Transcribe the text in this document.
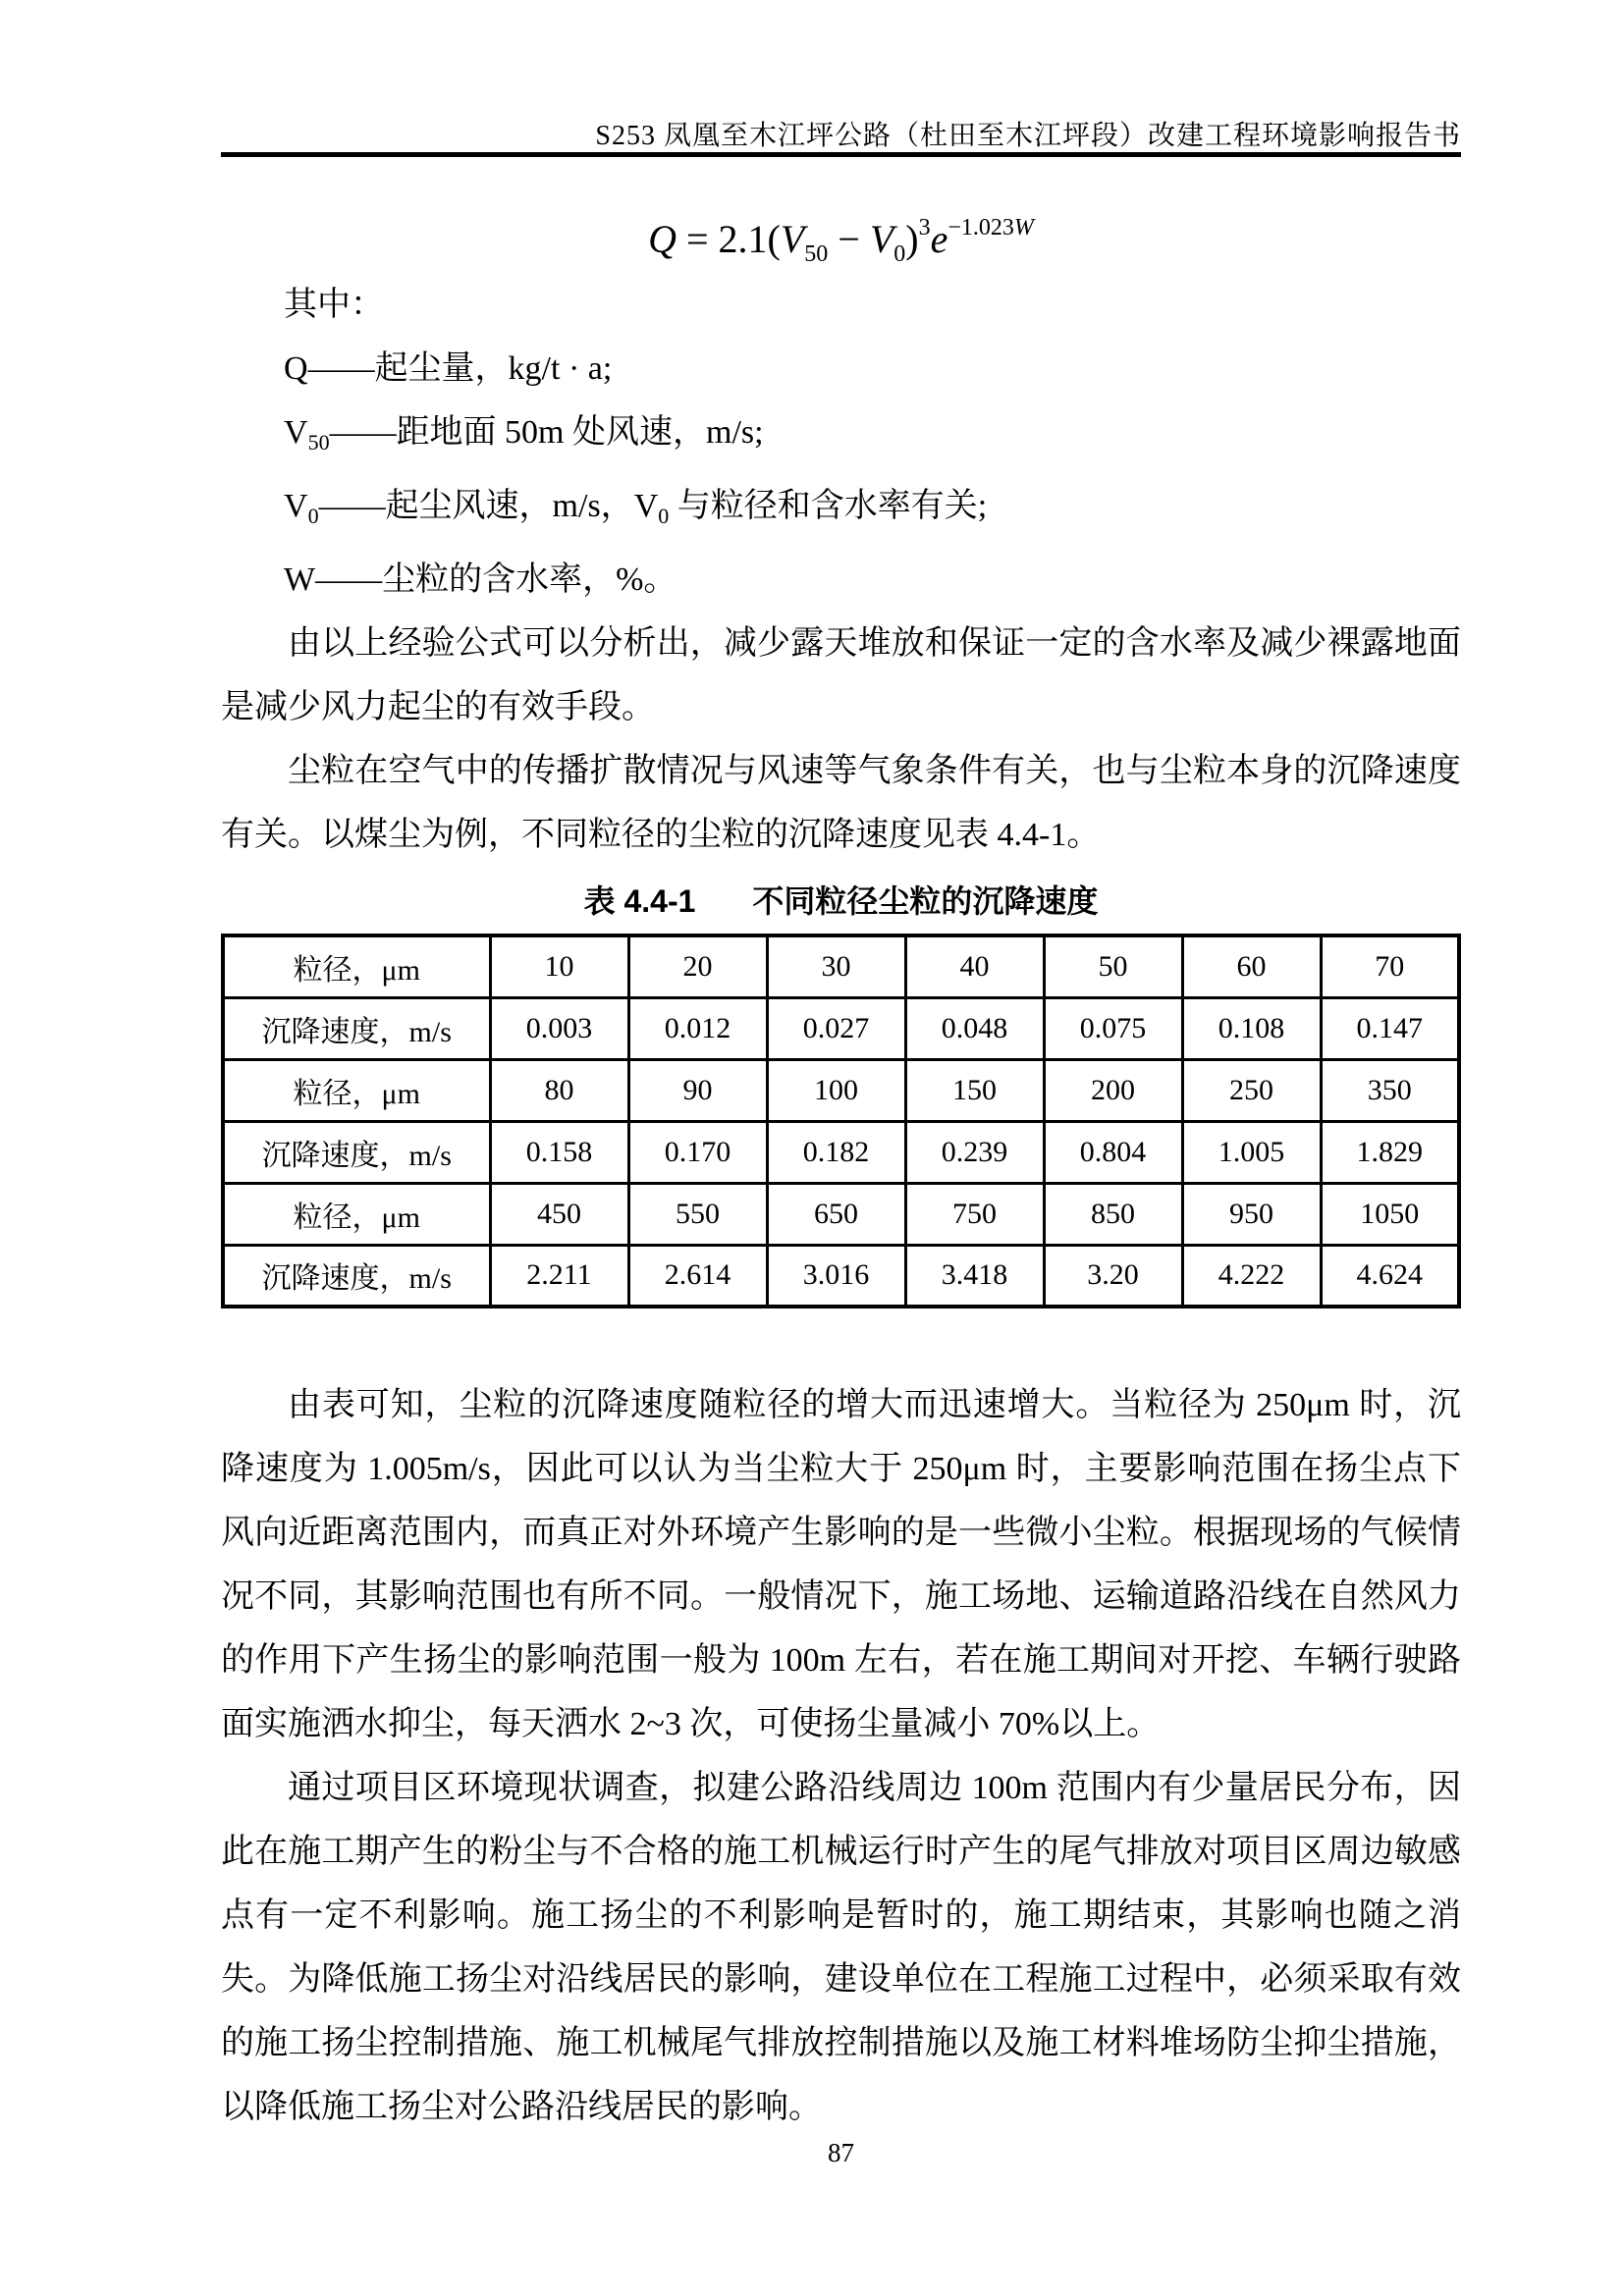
S253 凤凰至木江坪公路（杜田至木江坪段）改建工程环境影响报告书
$Q = 2.1(V_{50} - V_0)^3e^{-1.023W}$
其中：
Q——起尘量，kg/t · a;
$V_{50}——$距地面 50m 处风速，m/s;
$V_0——$起尘风速，m/s，$V_0$ 与粒径和含水率有关;
W——尘粒的含水率，%。
由以上经验公式可以分析出，减少露天堆放和保证一定的含水率及减少裸露地面是减少风力起尘的有效手段。
尘粒在空气中的传播扩散情况与风速等气象条件有关，也与尘粒本身的沉降速度有关。以煤尘为例，不同粒径的尘粒的沉降速度见表 4.4-1。
表 4.4-1 不同粒径尘粒的沉降速度
粒径，μm	10	20	30	40	50	60	70
沉降速度，m/s	0.003	0.012	0.027	0.048	0.075	0.108	0.147
粒径，μm	80	90	100	150	200	250	350
沉降速度，m/s	0.158	0.170	0.182	0.239	0.804	1.005	1.829
粒径，μm	450	550	650	750	850	950	1050
沉降速度，m/s	2.211	2.614	3.016	3.418	3.20	4.222	4.624
由表可知，尘粒的沉降速度随粒径的增大而迅速增大。当粒径为 250μm 时，沉降速度为 1.005m/s，因此可以认为当尘粒大于 250μm 时，主要影响范围在扬尘点下风向近距离范围内，而真正对外环境产生影响的是一些微小尘粒。根据现场的气候情况不同，其影响范围也有所不同。一般情况下，施工场地、运输道路沿线在自然风力的作用下产生扬尘的影响范围一般为 100m 左右，若在施工期间对开挖、车辆行驶路面实施洒水抑尘，每天洒水 2~3 次，可使扬尘量减小 70%以上。
通过项目区环境现状调查，拟建公路沿线周边 100m 范围内有少量居民分布，因此在施工期产生的粉尘与不合格的施工机械运行时产生的尾气排放对项目区周边敏感点有一定不利影响。施工扬尘的不利影响是暂时的，施工期结束，其影响也随之消失。为降低施工扬尘对沿线居民的影响，建设单位在工程施工过程中，必须采取有效的施工扬尘控制措施、施工机械尾气排放控制措施以及施工材料堆场防尘抑尘措施，以降低施工扬尘对公路沿线居民的影响。
87
